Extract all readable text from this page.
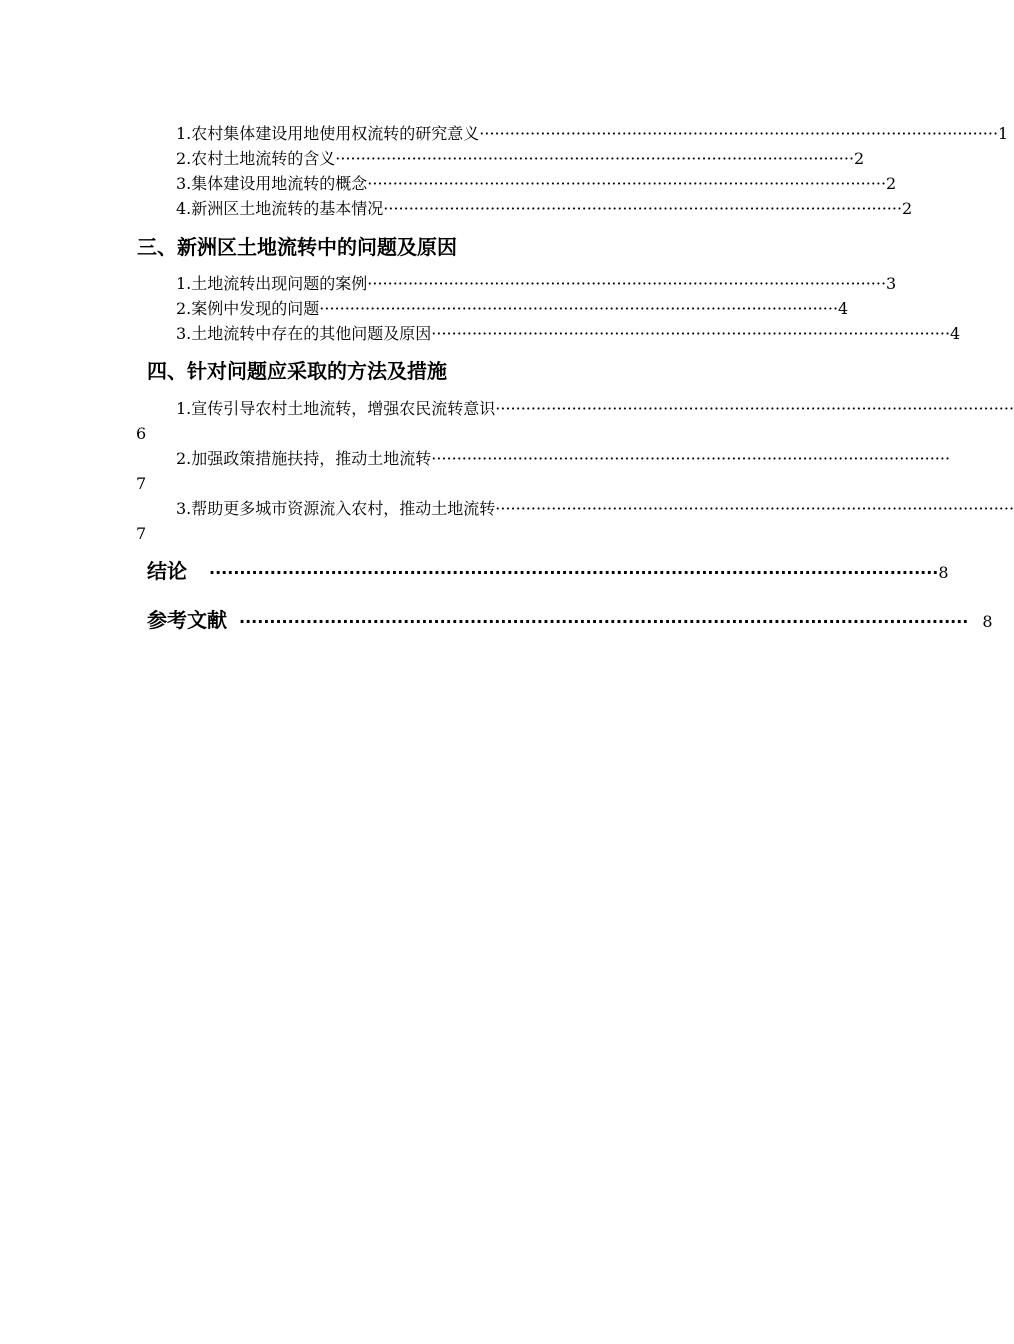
1. 农村集体建设用地使用权流转的研究意义 ······································································································ 1
2. 农村土地流转的含义 ······································································································ 2
3. 集体建设用地流转的概念 ······································································································ 2
4. 新洲区土地流转的基本情况 ······································································································ 2
三、新洲区土地流转中的问题及原因
1. 土地流转出现问题的案例 ······································································································ 3
2. 案例中发现的问题 ······································································································ 4
3. 土地流转中存在的其他问题及原因 ······································································································ 4
四、针对问题应采取的方法及措施
1. 宣传引导农村土地流转，增强农民流转意识 ······································································································
6
2. 加强政策措施扶持，推动土地流转 ······································································································
7
3. 帮助更多城市资源流入农村，推动土地流转 ······································································································
7
结论 ························································································································ 8
参考文献 ························································································································ 8
